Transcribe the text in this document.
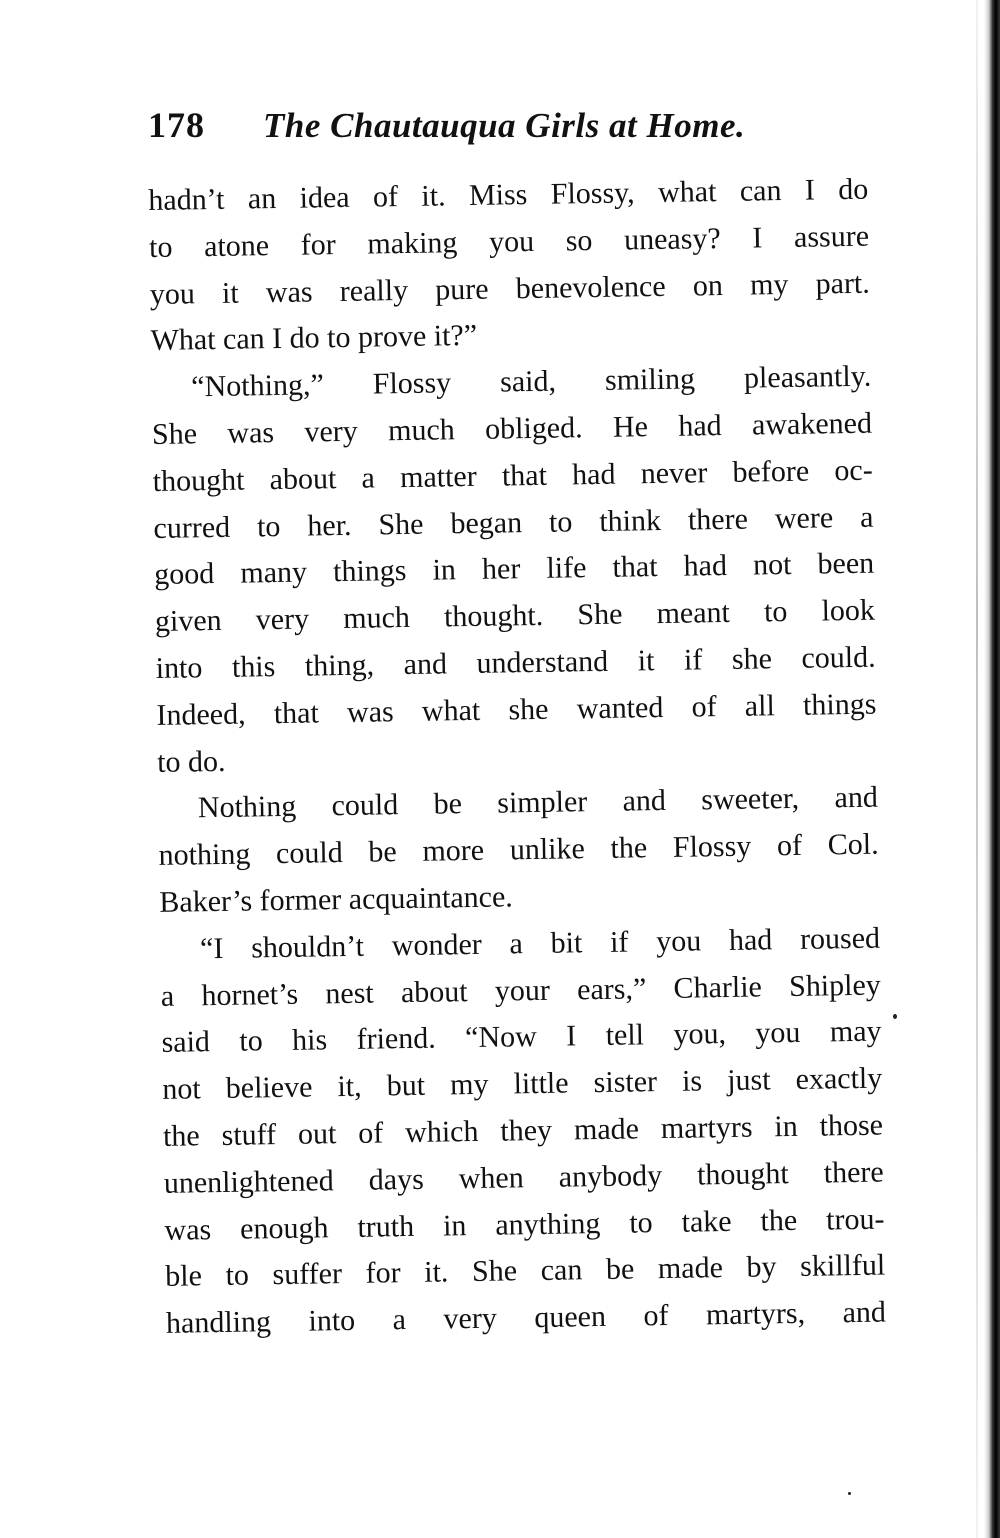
178 The Chautauqua Girls at Home.
hadn’t an idea of it. Miss Flossy, what can I do
to atone for making you so uneasy? I assure
you it was really pure benevolence on my part.
What can I do to prove it?”
“Nothing,” Flossy said, smiling pleasantly.
She was very much obliged. He had awakened
thought about a matter that had never before oc-
curred to her. She began to think there were a
good many things in her life that had not been
given very much thought. She meant to look
into this thing, and understand it if she could.
Indeed, that was what she wanted of all things
to do.
Nothing could be simpler and sweeter, and
nothing could be more unlike the Flossy of Col.
Baker’s former acquaintance.
“I shouldn’t wonder a bit if you had roused
a hornet’s nest about your ears,” Charlie Shipley
said to his friend. “Now I tell you, you may
not believe it, but my little sister is just exactly
the stuff out of which they made martyrs in those
unenlightened days when anybody thought there
was enough truth in anything to take the trou-
ble to suffer for it. She can be made by skillful
handling into a very queen of martyrs, and
